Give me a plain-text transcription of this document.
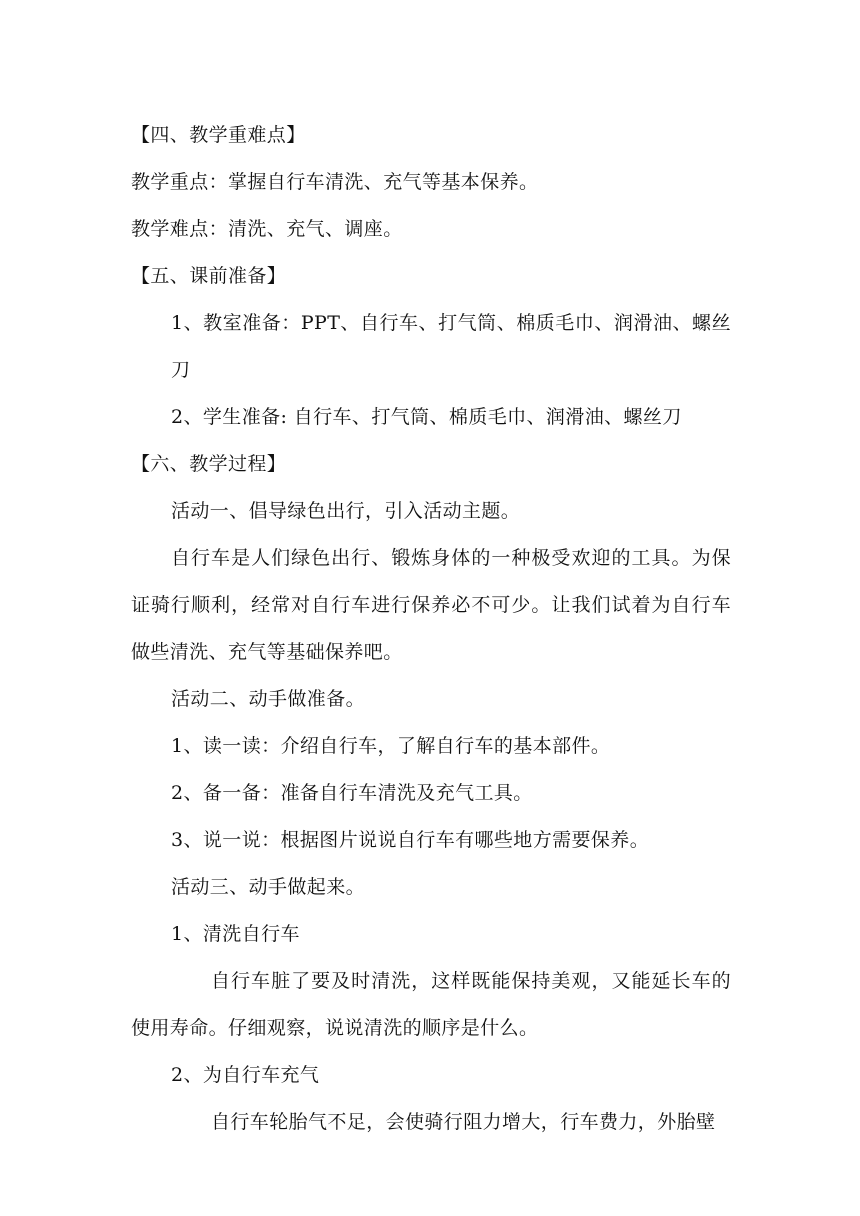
【四、教学重难点】
教学重点：掌握自行车清洗、充气等基本保养。
教学难点：清洗、充气、调座。
【五、课前准备】

1、教室准备：PPT、自行车、打气筒、棉质毛巾、润滑油、螺丝刀

2、学生准备: 自行车、打气筒、棉质毛巾、润滑油、螺丝刀
【六、教学过程】
活动一、倡导绿色出行，引入活动主题。

自行车是人们绿色出行、锻炼身体的一种极受欢迎的工具。为保证骑行顺利，经常对自行车进行保养必不可少。让我们试着为自行车做些清洗、充气等基础保养吧。

活动二、动手做准备。
1、读一读：介绍自行车，了解自行车的基本部件。
2、备一备：准备自行车清洗及充气工具。
3、说一说：根据图片说说自行车有哪些地方需要保养。
活动三、动手做起来。
1、清洗自行车

自行车脏了要及时清洗，这样既能保持美观，又能延长车的使用寿命。仔细观察，说说清洗的顺序是什么。

2、为自行车充气

自行车轮胎气不足，会使骑行阻力增大，行车费力，外胎壁
